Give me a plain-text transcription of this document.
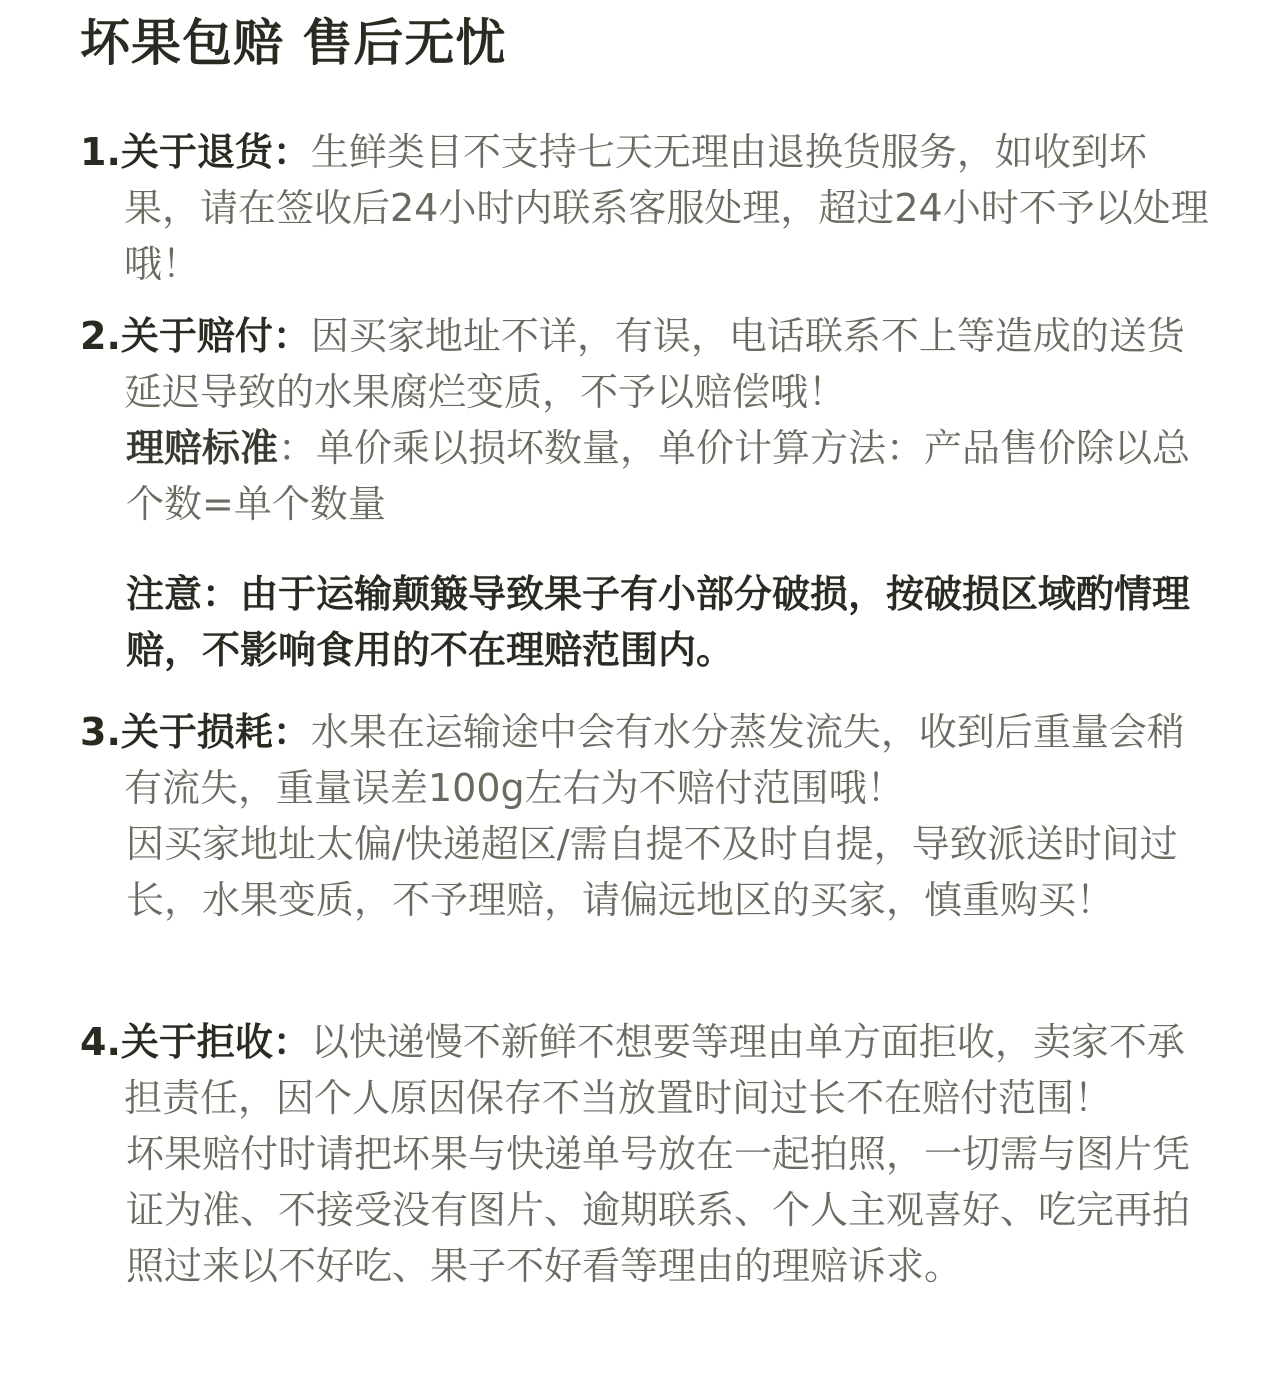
坏果包赔 售后无忧

1.关于退货：生鲜类目不支持七天无理由退换货服务，如收到坏果，请在签收后24小时内联系客服处理，超过24小时不予以处理哦！

2.关于赔付：因买家地址不详，有误，电话联系不上等造成的送货延迟导致的水果腐烂变质，不予以赔偿哦！

理赔标准：单价乘以损坏数量，单价计算方法：产品售价除以总个数=单个数量

注意：由于运输颠簸导致果子有小部分破损，按破损区域酌情理赔，不影响食用的不在理赔范围内。

3.关于损耗：水果在运输途中会有水分蒸发流失，收到后重量会稍有流失，重量误差100g左右为不赔付范围哦！

因买家地址太偏/快递超区/需自提不及时自提，导致派送时间过长，水果变质，不予理赔，请偏远地区的买家，慎重购买！

4.关于拒收：以快递慢不新鲜不想要等理由单方面拒收，卖家不承担责任，因个人原因保存不当放置时间过长不在赔付范围！

坏果赔付时请把坏果与快递单号放在一起拍照，一切需与图片凭证为准、不接受没有图片、逾期联系、个人主观喜好、吃完再拍照过来以不好吃、果子不好看等理由的理赔诉求。
